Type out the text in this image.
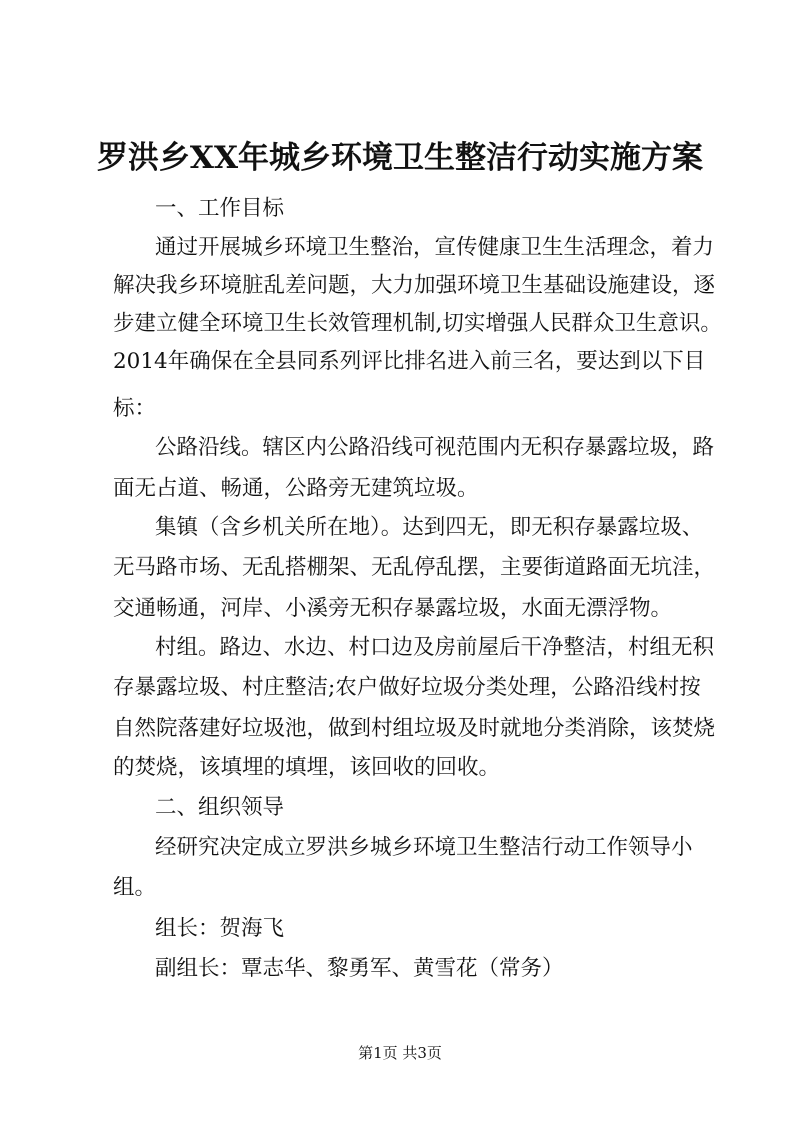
罗洪乡XX年城乡环境卫生整洁行动实施方案
一、工作目标
通过开展城乡环境卫生整治，宣传健康卫生生活理念，着力
解决我乡环境脏乱差问题，大力加强环境卫生基础设施建设，逐
步建立健全环境卫生长效管理机制,切实增强人民群众卫生意识。
2014年确保在全县同系列评比排名进入前三名，要达到以下目
标：
公路沿线。辖区内公路沿线可视范围内无积存暴露垃圾，路
面无占道、畅通，公路旁无建筑垃圾。
集镇（含乡机关所在地）。达到四无，即无积存暴露垃圾、
无马路市场、无乱搭棚架、无乱停乱摆，主要街道路面无坑洼，
交通畅通，河岸、小溪旁无积存暴露垃圾，水面无漂浮物。
村组。路边、水边、村口边及房前屋后干净整洁，村组无积
存暴露垃圾、村庄整洁;农户做好垃圾分类处理，公路沿线村按
自然院落建好垃圾池，做到村组垃圾及时就地分类消除，该焚烧
的焚烧，该填埋的填埋，该回收的回收。
二、组织领导
经研究决定成立罗洪乡城乡环境卫生整洁行动工作领导小
组。
组长：贺海飞
副组长：覃志华、黎勇军、黄雪花（常务）
第1页 共3页
